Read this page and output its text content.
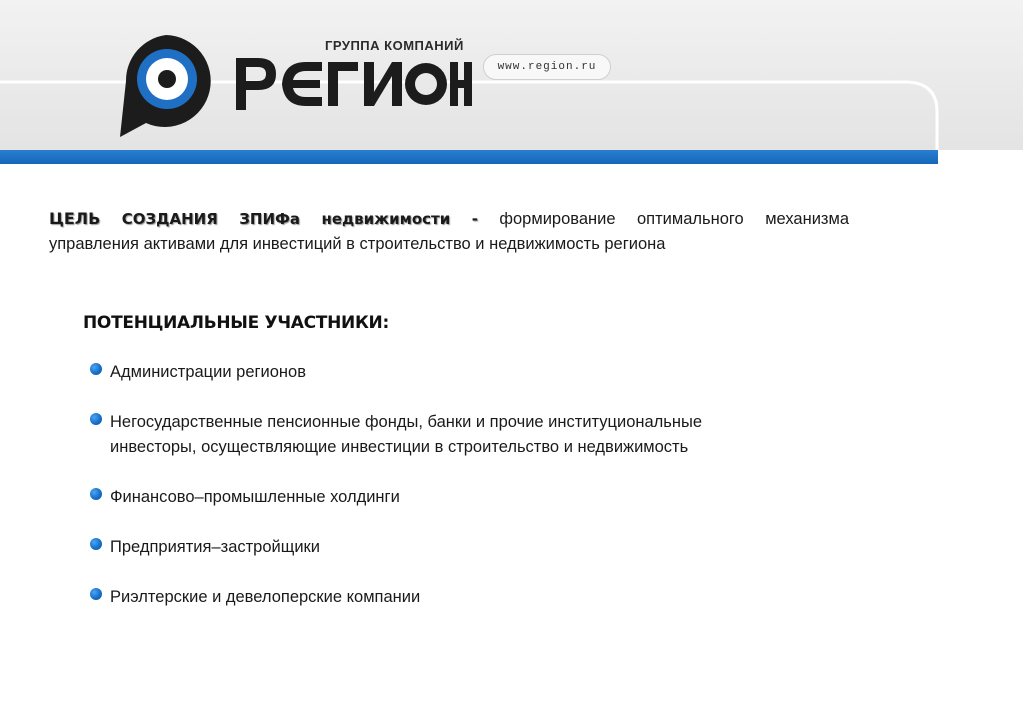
ГРУППА КОМПАНИЙ
www.region.ru
ЦЕЛЬ СОЗДАНИЯ ЗПИФа недвижимости - формирование оптимального механизма
управления активами для инвестиций в строительство и недвижимость региона
ПОТЕНЦИАЛЬНЫЕ УЧАСТНИКИ:
Администрации регионов
Негосударственные пенсионные фонды, банки и прочие институциональные
инвесторы, осуществляющие инвестиции в строительство и недвижимость
Финансово–промышленные холдинги
Предприятия–застройщики
Риэлтерские и девелоперские компании
